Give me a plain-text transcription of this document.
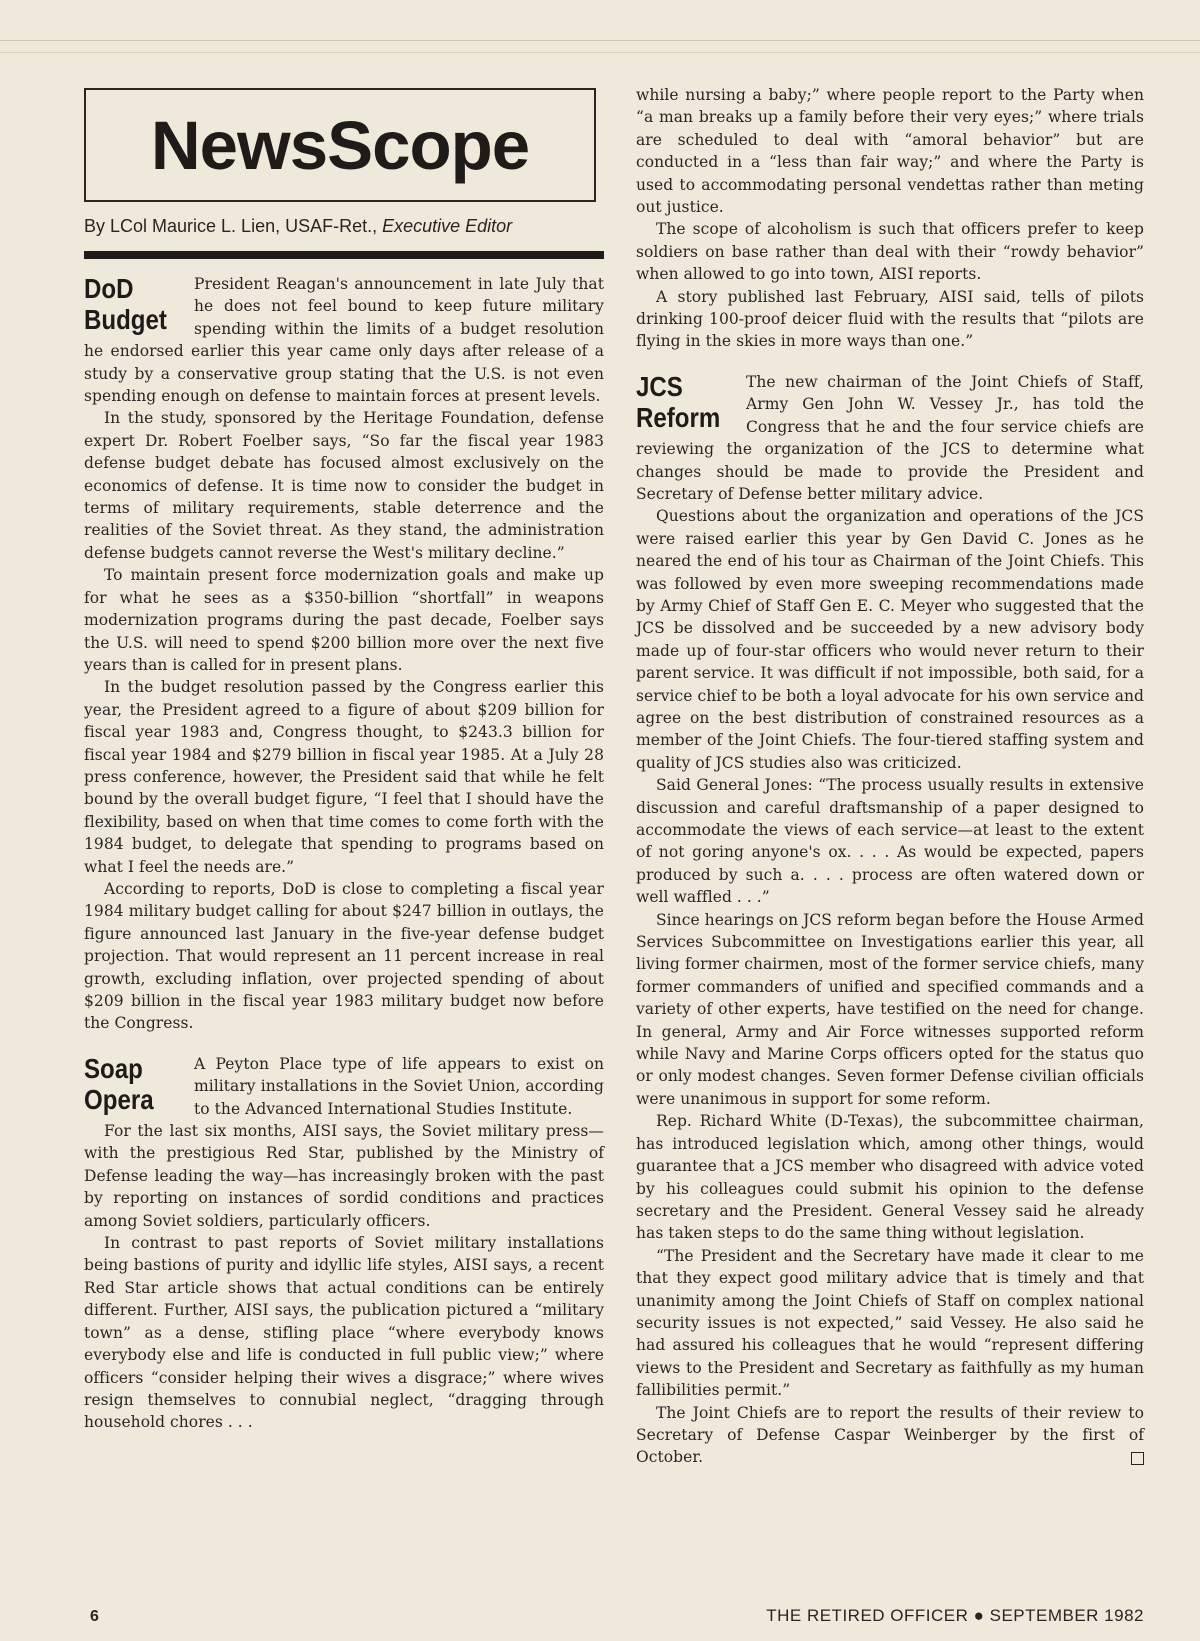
NewsScope
By LCol Maurice L. Lien, USAF-Ret., Executive Editor
DoD
Budget

President Reagan's announcement in late July that he does not feel bound to keep future military spending within the limits of a budget resolution he endorsed earlier this year came only days after release of a study by a conservative group stating that the U.S. is not even spending enough on defense to maintain forces at present levels.

In the study, sponsored by the Heritage Foundation, defense expert Dr. Robert Foelber says, “So far the fiscal year 1983 defense budget debate has focused almost exclusively on the economics of defense. It is time now to consider the budget in terms of military requirements, stable deterrence and the realities of the Soviet threat. As they stand, the administration defense budgets cannot reverse the West's military decline.”

To maintain present force modernization goals and make up for what he sees as a $350-billion “shortfall” in weapons modernization programs during the past decade, Foelber says the U.S. will need to spend $200 billion more over the next five years than is called for in present plans.

In the budget resolution passed by the Congress earlier this year, the President agreed to a figure of about $209 billion for fiscal year 1983 and, Congress thought, to $243.3 billion for fiscal year 1984 and $279 billion in fiscal year 1985. At a July 28 press conference, however, the President said that while he felt bound by the overall budget figure, “I feel that I should have the flexibility, based on when that time comes to come forth with the 1984 budget, to delegate that spending to programs based on what I feel the needs are.”

According to reports, DoD is close to completing a fiscal year 1984 military budget calling for about $247 billion in outlays, the figure announced last January in the five-year defense budget projection. That would represent an 11 percent increase in real growth, excluding inflation, over projected spending of about $209 billion in the fiscal year 1983 military budget now before the Congress.

Soap
Opera

A Peyton Place type of life appears to exist on military installations in the Soviet Union, according to the Advanced International Studies Institute.

For the last six months, AISI says, the Soviet military press—with the prestigious Red Star, published by the Ministry of Defense leading the way—has increasingly broken with the past by reporting on instances of sordid conditions and practices among Soviet soldiers, particularly officers.

In contrast to past reports of Soviet military installations being bastions of purity and idyllic life styles, AISI says, a recent Red Star article shows that actual conditions can be entirely different. Further, AISI says, the publication pictured a “military town” as a dense, stifling place “where everybody knows everybody else and life is conducted in full public view;” where officers “consider helping their wives a disgrace;” where wives resign themselves to connubial neglect, “dragging through household chores . . .

while nursing a baby;” where people report to the Party when “a man breaks up a family before their very eyes;” where trials are scheduled to deal with “amoral behavior” but are conducted in a “less than fair way;” and where the Party is used to accommodating personal vendettas rather than meting out justice.

The scope of alcoholism is such that officers prefer to keep soldiers on base rather than deal with their “rowdy behavior” when allowed to go into town, AISI reports.

A story published last February, AISI said, tells of pilots drinking 100-proof deicer fluid with the results that “pilots are flying in the skies in more ways than one.”

JCS
Reform

The new chairman of the Joint Chiefs of Staff, Army Gen John W. Vessey Jr., has told the Congress that he and the four service chiefs are reviewing the organization of the JCS to determine what changes should be made to provide the President and Secretary of Defense better military advice.

Questions about the organization and operations of the JCS were raised earlier this year by Gen David C. Jones as he neared the end of his tour as Chairman of the Joint Chiefs. This was followed by even more sweeping recommendations made by Army Chief of Staff Gen E. C. Meyer who suggested that the JCS be dissolved and be succeeded by a new advisory body made up of four-star officers who would never return to their parent service. It was difficult if not impossible, both said, for a service chief to be both a loyal advocate for his own service and agree on the best distribution of constrained resources as a member of the Joint Chiefs. The four-tiered staffing system and quality of JCS studies also was criticized.

Said General Jones: “The process usually results in extensive discussion and careful draftsmanship of a paper designed to accommodate the views of each service—at least to the extent of not goring anyone's ox. . . . As would be expected, papers produced by such a. . . . process are often watered down or well waffled . . .”

Since hearings on JCS reform began before the House Armed Services Subcommittee on Investigations earlier this year, all living former chairmen, most of the former service chiefs, many former commanders of unified and specified commands and a variety of other experts, have testified on the need for change. In general, Army and Air Force witnesses supported reform while Navy and Marine Corps officers opted for the status quo or only modest changes. Seven former Defense civilian officials were unanimous in support for some reform.

Rep. Richard White (D-Texas), the subcommittee chairman, has introduced legislation which, among other things, would guarantee that a JCS member who disagreed with advice voted by his colleagues could submit his opinion to the defense secretary and the President. General Vessey said he already has taken steps to do the same thing without legislation.

“The President and the Secretary have made it clear to me that they expect good military advice that is timely and that unanimity among the Joint Chiefs of Staff on complex national security issues is not expected,” said Vessey. He also said he had assured his colleagues that he would “represent differing views to the President and Secretary as faithfully as my human fallibilities permit.”

The Joint Chiefs are to report the results of their review to Secretary of Defense Caspar Weinberger by the first of October.

6	THE RETIRED OFFICER ● SEPTEMBER 1982
